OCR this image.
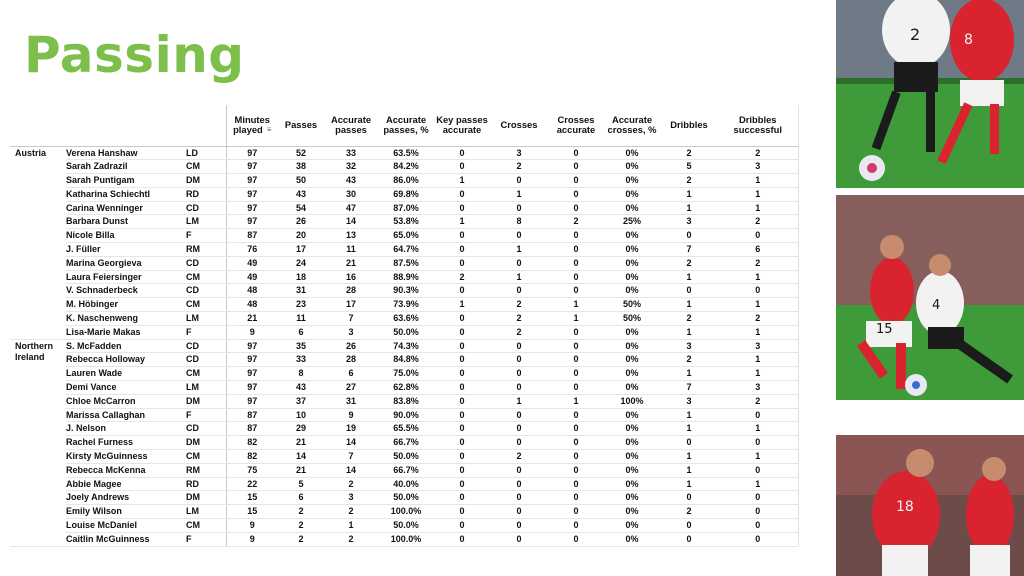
Passing
			Minutes played ≡	Passes	Accurate passes	Accurate passes, %	Key passes accurate	Crosses	Crosses accurate	Accurate crosses, %	Dribbles	Dribbles successful
Austria	Verena Hanshaw	LD	97	52	33	63.5%	0	3	0	0%	2	2
	Sarah Zadrazil	CM	97	38	32	84.2%	0	2	0	0%	5	3
	Sarah Puntigam	DM	97	50	43	86.0%	1	0	0	0%	2	1
	Katharina Schiechtl	RD	97	43	30	69.8%	0	1	0	0%	1	1
	Carina Wenninger	CD	97	54	47	87.0%	0	0	0	0%	1	1
	Barbara Dunst	LM	97	26	14	53.8%	1	8	2	25%	3	2
	Nicole Billa	F	87	20	13	65.0%	0	0	0	0%	0	0
	J. Füller	RM	76	17	11	64.7%	0	1	0	0%	7	6
	Marina Georgieva	CD	49	24	21	87.5%	0	0	0	0%	2	2
	Laura Feiersinger	CM	49	18	16	88.9%	2	1	0	0%	1	1
	V. Schnaderbeck	CD	48	31	28	90.3%	0	0	0	0%	0	0
	M. Höbinger	CM	48	23	17	73.9%	1	2	1	50%	1	1
	K. Naschenweng	LM	21	11	7	63.6%	0	2	1	50%	2	2
	Lisa-Marie Makas	F	9	6	3	50.0%	0	2	0	0%	1	1
Northern Ireland	S. McFadden	CD	97	35	26	74.3%	0	0	0	0%	3	3
	Rebecca Holloway	CD	97	33	28	84.8%	0	0	0	0%	2	1
	Lauren Wade	CM	97	8	6	75.0%	0	0	0	0%	1	1
	Demi Vance	LM	97	43	27	62.8%	0	0	0	0%	7	3
	Chloe McCarron	DM	97	37	31	83.8%	0	1	1	100%	3	2
	Marissa Callaghan	F	87	10	9	90.0%	0	0	0	0%	1	0
	J. Nelson	CD	87	29	19	65.5%	0	0	0	0%	1	1
	Rachel Furness	DM	82	21	14	66.7%	0	0	0	0%	0	0
	Kirsty McGuinness	CM	82	14	7	50.0%	0	2	0	0%	1	1
	Rebecca McKenna	RM	75	21	14	66.7%	0	0	0	0%	1	0
	Abbie Magee	RD	22	5	2	40.0%	0	0	0	0%	1	1
	Joely Andrews	DM	15	6	3	50.0%	0	0	0	0%	0	0
	Emily Wilson	LM	15	2	2	100.0%	0	0	0	0%	2	0
	Louise McDaniel	CM	9	2	1	50.0%	0	0	0	0%	0	0
	Caitlin McGuinness	F	9	2	2	100.0%	0	0	0	0%	0	0
2	8
15
4
18
